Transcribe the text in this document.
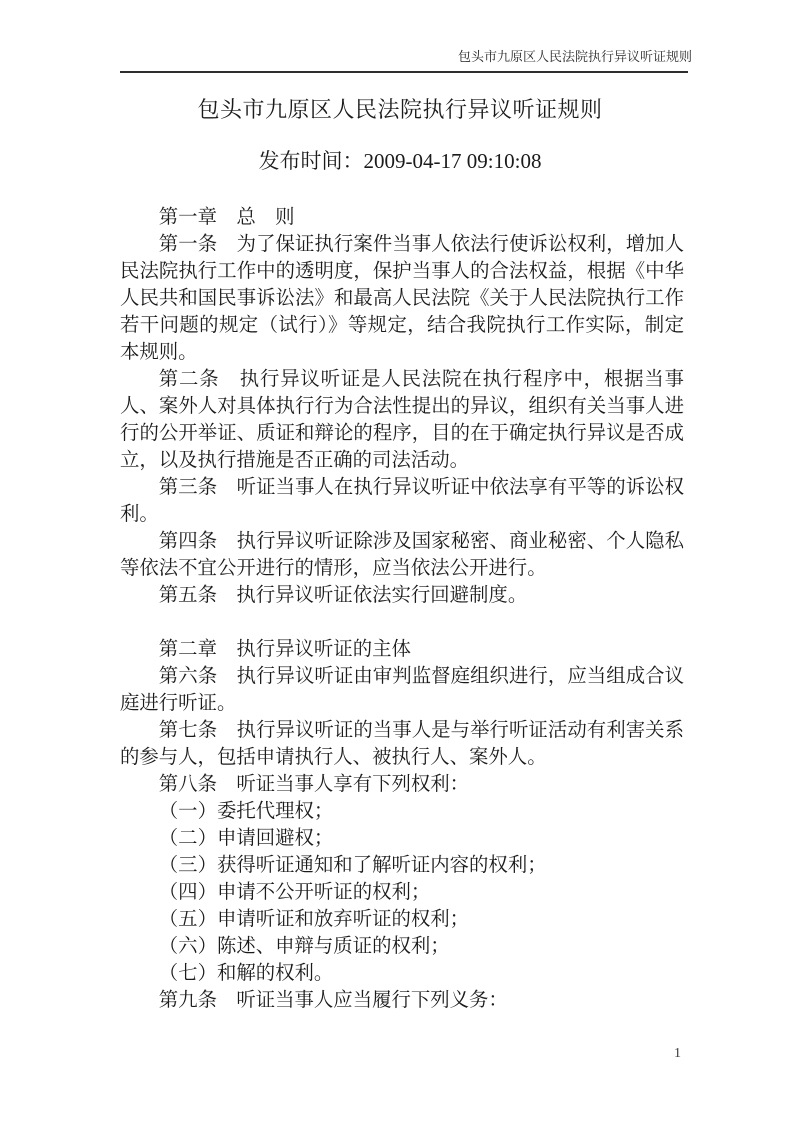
包头市九原区人民法院执行异议听证规则
包头市九原区人民法院执行异议听证规则
发布时间：2009-04-17 09:10:08

第一章　总　则

第一条　为了保证执行案件当事人依法行使诉讼权利，增加人民法院执行工作中的透明度，保护当事人的合法权益，根据《中华人民共和国民事诉讼法》和最高人民法院《关于人民法院执行工作若干问题的规定（试行）》等规定，结合我院执行工作实际，制定本规则。

第二条　执行异议听证是人民法院在执行程序中，根据当事人、案外人对具体执行行为合法性提出的异议，组织有关当事人进行的公开举证、质证和辩论的程序，目的在于确定执行异议是否成立，以及执行措施是否正确的司法活动。

第三条　听证当事人在执行异议听证中依法享有平等的诉讼权利。

第四条　执行异议听证除涉及国家秘密、商业秘密、个人隐私等依法不宜公开进行的情形，应当依法公开进行。

第五条　执行异议听证依法实行回避制度。

第二章　执行异议听证的主体

第六条　执行异议听证由审判监督庭组织进行，应当组成合议庭进行听证。

第七条　执行异议听证的当事人是与举行听证活动有利害关系的参与人，包括申请执行人、被执行人、案外人。

第八条　听证当事人享有下列权利：

（一）委托代理权；

（二）申请回避权；

（三）获得听证通知和了解听证内容的权利；

（四）申请不公开听证的权利；

（五）申请听证和放弃听证的权利；

（六）陈述、申辩与质证的权利；

（七）和解的权利。

第九条　听证当事人应当履行下列义务：

1
